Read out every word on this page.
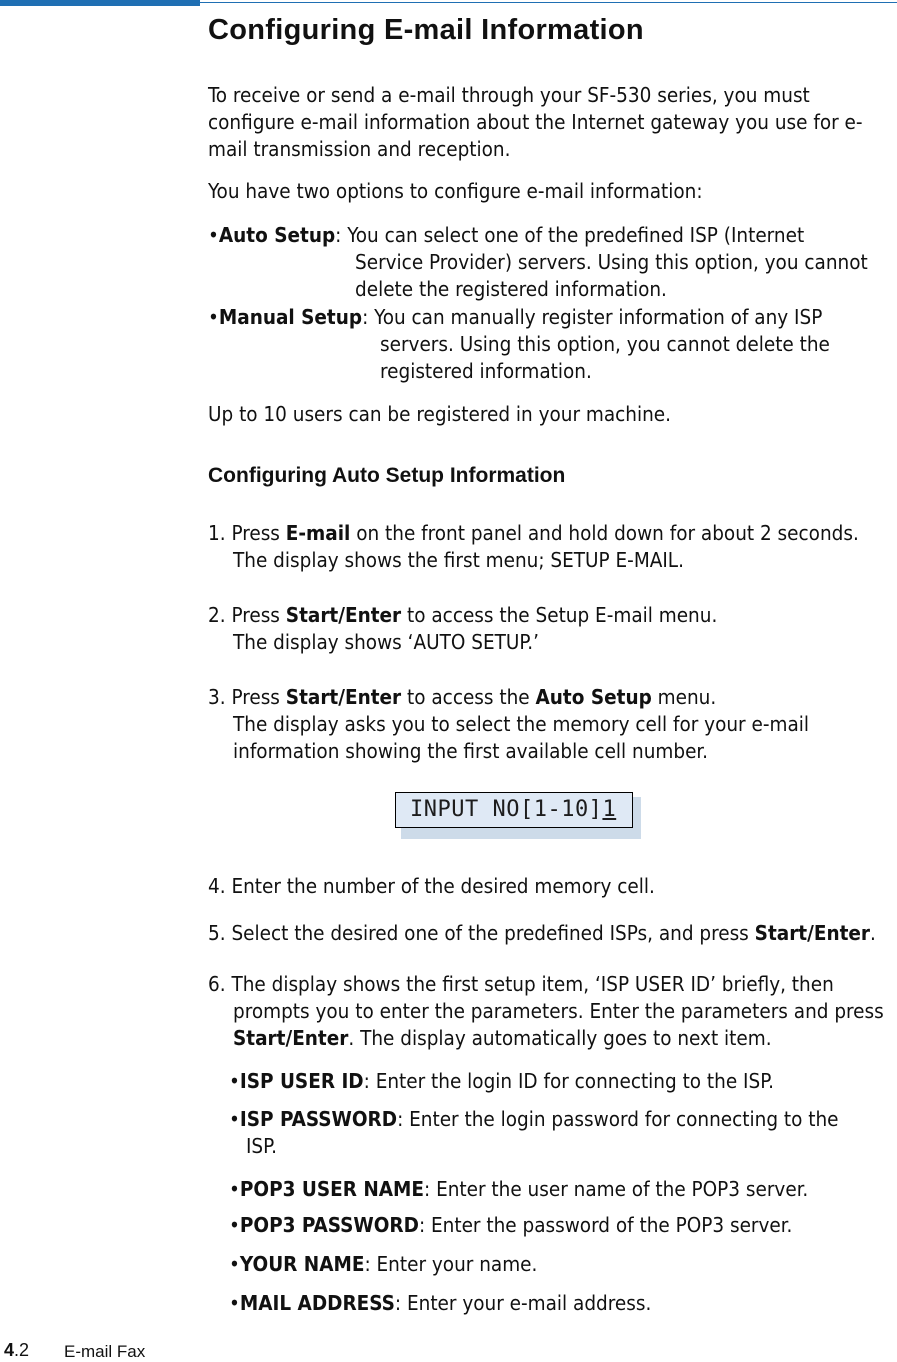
Configuring E-mail Information
To receive or send a e-mail through your SF-530 series, you must
configure e-mail information about the Internet gateway you use for e-
mail transmission and reception.
You have two options to configure e-mail information:
•Auto Setup: You can select one of the predefined ISP (Internet
Service Provider) servers. Using this option, you cannot
delete the registered information.
•Manual Setup: You can manually register information of any ISP
servers. Using this option, you cannot delete the
registered information.
Up to 10 users can be registered in your machine.
Configuring Auto Setup Information
1. Press E-mail on the front panel and hold down for about 2 seconds.
The display shows the first menu; SETUP E-MAIL.
2. Press Start/Enter to access the Setup E-mail menu.
The display shows ‘AUTO SETUP.’
3. Press Start/Enter to access the Auto Setup menu.
The display asks you to select the memory cell for your e-mail
information showing the first available cell number.
INPUT NO[1-10]1
4. Enter the number of the desired memory cell.
5. Select the desired one of the predefined ISPs, and press Start/Enter.
6. The display shows the first setup item, ‘ISP USER ID’ briefly, then
prompts you to enter the parameters. Enter the parameters and press
Start/Enter. The display automatically goes to next item.
•ISP USER ID: Enter the login ID for connecting to the ISP.
•ISP PASSWORD: Enter the login password for connecting to the
ISP.
•POP3 USER NAME: Enter the user name of the POP3 server.
•POP3 PASSWORD: Enter the password of the POP3 server.
•YOUR NAME: Enter your name.
•MAIL ADDRESS: Enter your e-mail address.
4.2 E-mail Fax
